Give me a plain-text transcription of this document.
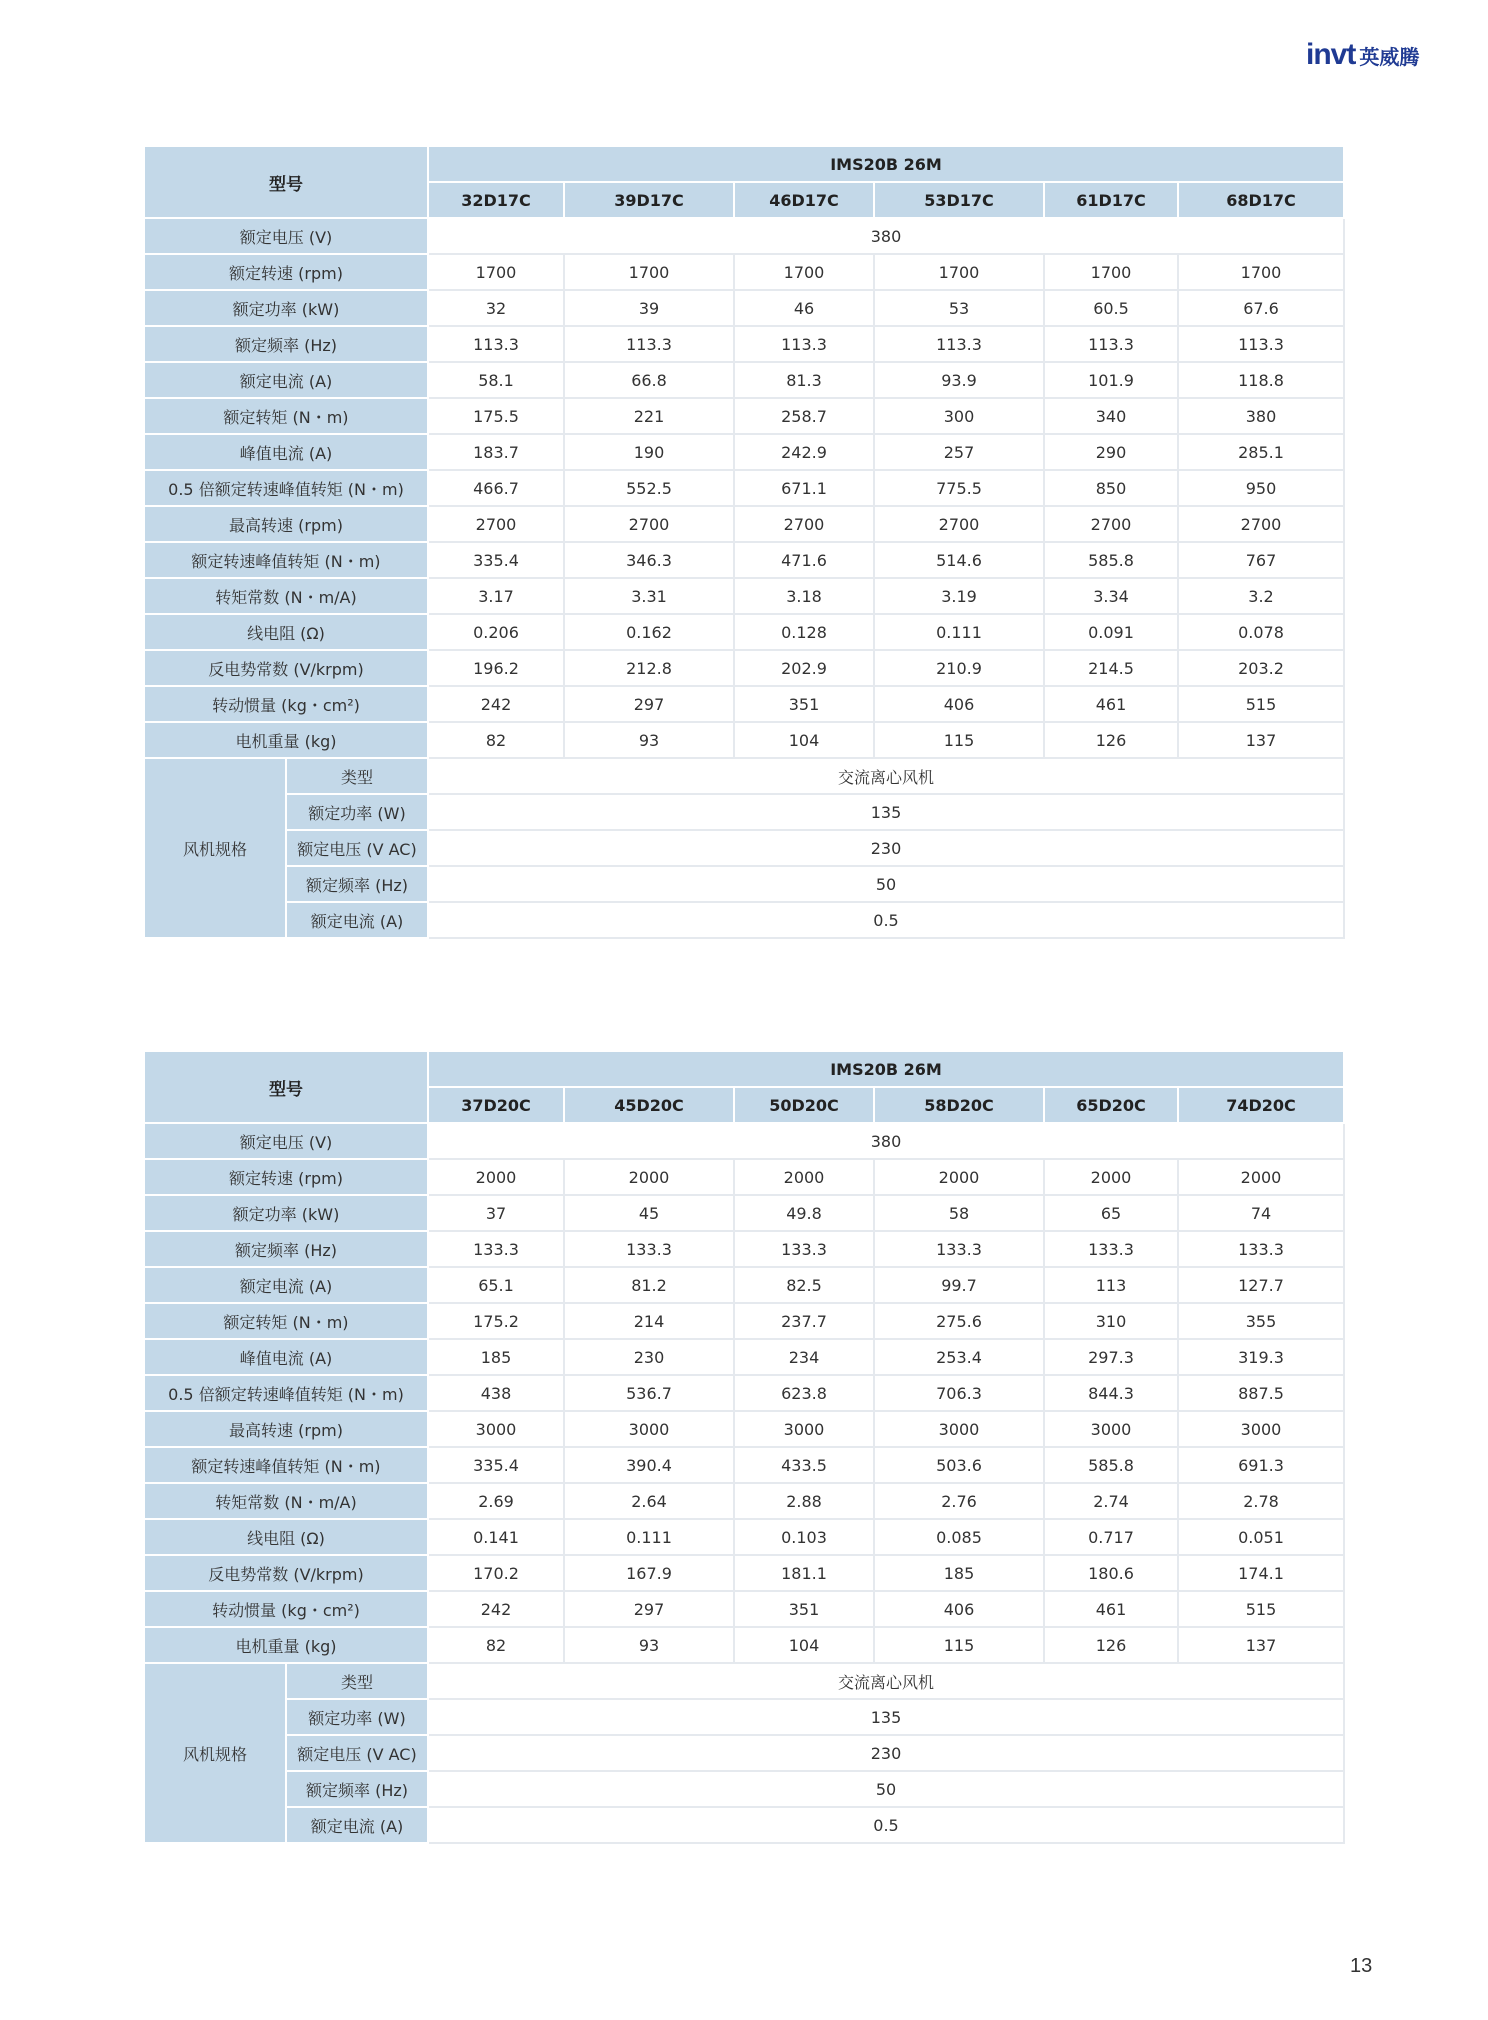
invt 英威腾
型号		IMS20B 26M					
		32D17C	39D17C	46D17C	53D17C	61D17C	68D17C
额定电压 (V)		380					
额定转速 (rpm)		1700	1700	1700	1700	1700	1700
额定功率 (kW)		32	39	46	53	60.5	67.6
额定频率 (Hz)		113.3	113.3	113.3	113.3	113.3	113.3
额定电流 (A)		58.1	66.8	81.3	93.9	101.9	118.8
额定转矩 (N・m)		175.5	221	258.7	300	340	380
峰值电流 (A)		183.7	190	242.9	257	290	285.1
0.5 倍额定转速峰值转矩 (N・m)		466.7	552.5	671.1	775.5	850	950
最高转速 (rpm)		2700	2700	2700	2700	2700	2700
额定转速峰值转矩 (N・m)		335.4	346.3	471.6	514.6	585.8	767
转矩常数 (N・m/A)		3.17	3.31	3.18	3.19	3.34	3.2
线电阻 (Ω)		0.206	0.162	0.128	0.111	0.091	0.078
反电势常数 (V/krpm)		196.2	212.8	202.9	210.9	214.5	203.2
转动惯量 (kg・cm²)		242	297	351	406	461	515
电机重量 (kg)		82	93	104	115	126	137
风机规格	类型	交流离心风机					
	额定功率 (W)	135					
	额定电压 (V AC)	230					
	额定频率 (Hz)	50					
	额定电流 (A)	0.5					
型号		IMS20B 26M					
		37D20C	45D20C	50D20C	58D20C	65D20C	74D20C
额定电压 (V)		380					
额定转速 (rpm)		2000	2000	2000	2000	2000	2000
额定功率 (kW)		37	45	49.8	58	65	74
额定频率 (Hz)		133.3	133.3	133.3	133.3	133.3	133.3
额定电流 (A)		65.1	81.2	82.5	99.7	113	127.7
额定转矩 (N・m)		175.2	214	237.7	275.6	310	355
峰值电流 (A)		185	230	234	253.4	297.3	319.3
0.5 倍额定转速峰值转矩 (N・m)		438	536.7	623.8	706.3	844.3	887.5
最高转速 (rpm)		3000	3000	3000	3000	3000	3000
额定转速峰值转矩 (N・m)		335.4	390.4	433.5	503.6	585.8	691.3
转矩常数 (N・m/A)		2.69	2.64	2.88	2.76	2.74	2.78
线电阻 (Ω)		0.141	0.111	0.103	0.085	0.717	0.051
反电势常数 (V/krpm)		170.2	167.9	181.1	185	180.6	174.1
转动惯量 (kg・cm²)		242	297	351	406	461	515
电机重量 (kg)		82	93	104	115	126	137
风机规格	类型	交流离心风机					
	额定功率 (W)	135					
	额定电压 (V AC)	230					
	额定频率 (Hz)	50					
	额定电流 (A)	0.5					
13
